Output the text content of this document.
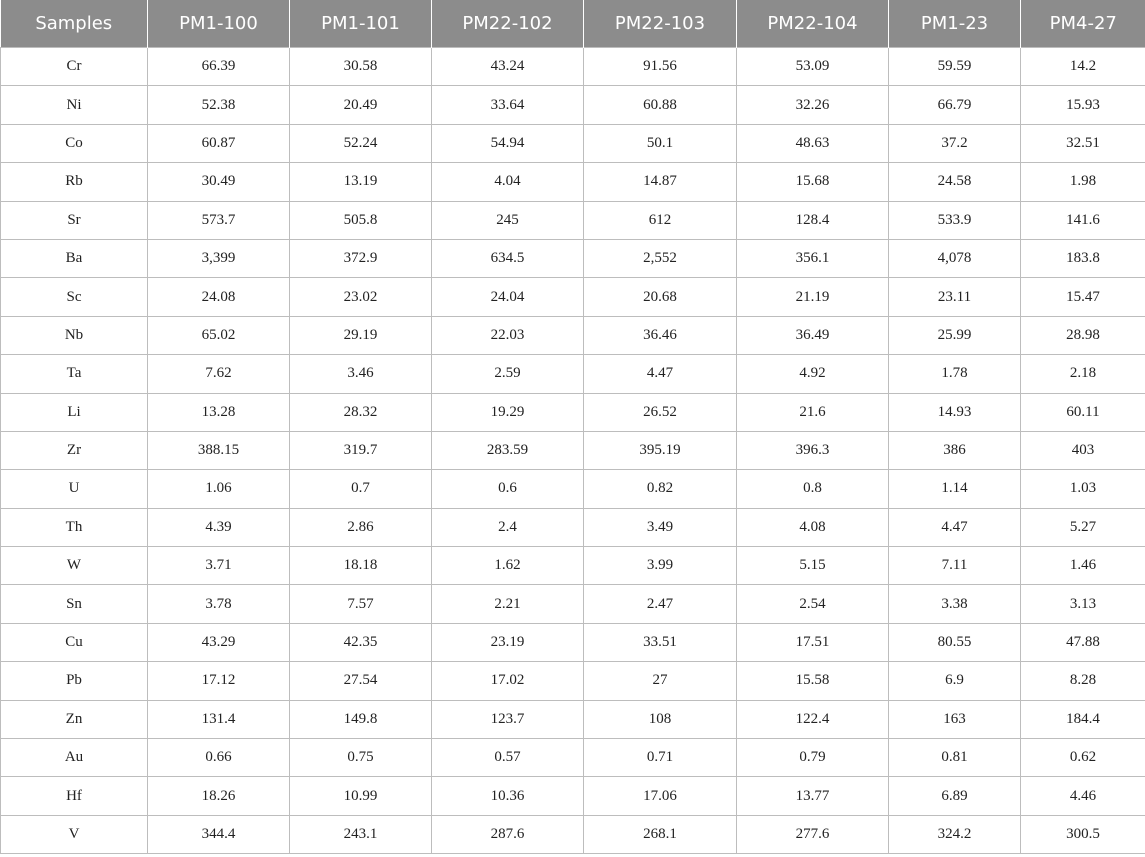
Samples	PM1-100	PM1-101	PM22-102	PM22-103	PM22-104	PM1-23	PM4-27
Cr	66.39	30.58	43.24	91.56	53.09	59.59	14.2
Ni	52.38	20.49	33.64	60.88	32.26	66.79	15.93
Co	60.87	52.24	54.94	50.1	48.63	37.2	32.51
Rb	30.49	13.19	4.04	14.87	15.68	24.58	1.98
Sr	573.7	505.8	245	612	128.4	533.9	141.6
Ba	3,399	372.9	634.5	2,552	356.1	4,078	183.8
Sc	24.08	23.02	24.04	20.68	21.19	23.11	15.47
Nb	65.02	29.19	22.03	36.46	36.49	25.99	28.98
Ta	7.62	3.46	2.59	4.47	4.92	1.78	2.18
Li	13.28	28.32	19.29	26.52	21.6	14.93	60.11
Zr	388.15	319.7	283.59	395.19	396.3	386	403
U	1.06	0.7	0.6	0.82	0.8	1.14	1.03
Th	4.39	2.86	2.4	3.49	4.08	4.47	5.27
W	3.71	18.18	1.62	3.99	5.15	7.11	1.46
Sn	3.78	7.57	2.21	2.47	2.54	3.38	3.13
Cu	43.29	42.35	23.19	33.51	17.51	80.55	47.88
Pb	17.12	27.54	17.02	27	15.58	6.9	8.28
Zn	131.4	149.8	123.7	108	122.4	163	184.4
Au	0.66	0.75	0.57	0.71	0.79	0.81	0.62
Hf	18.26	10.99	10.36	17.06	13.77	6.89	4.46
V	344.4	243.1	287.6	268.1	277.6	324.2	300.5
